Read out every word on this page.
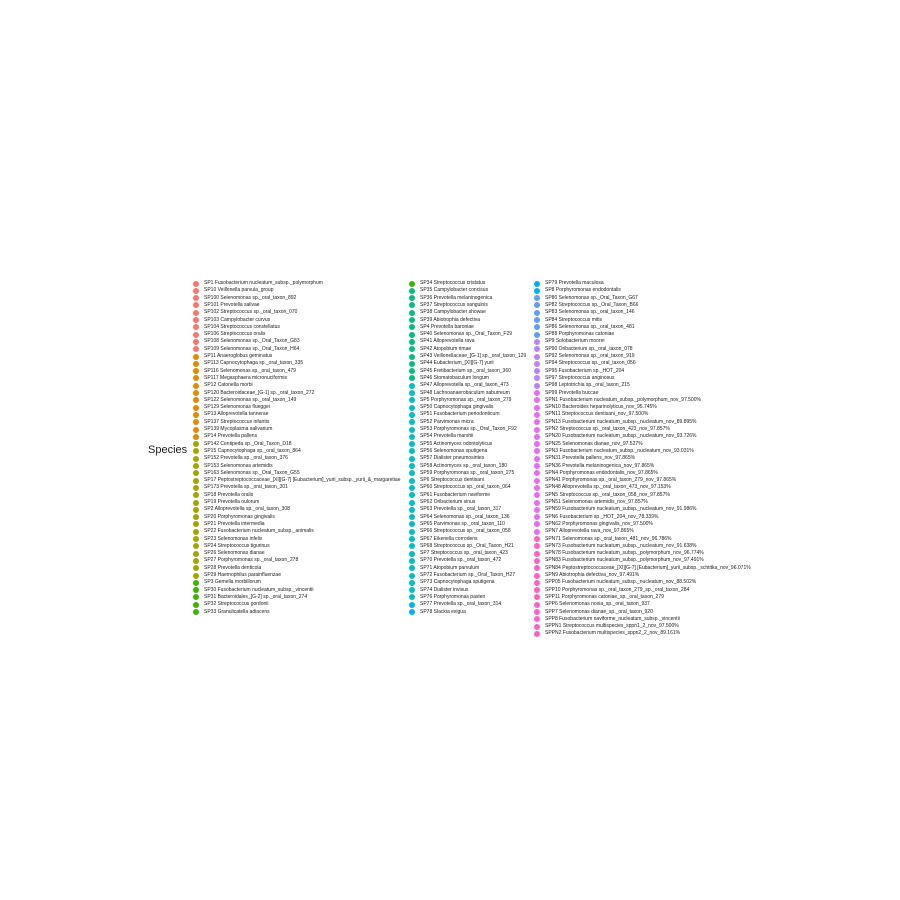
Species
SP1 Fusobacterium nucleatum_subsp._polymorphum
SP10 Veillonella parvula_group
SP100 Selenomonas sp._oral_taxon_892
SP101 Prevotella salivae
SP102 Streptococcus sp._oral_taxon_070
SP103 Campylobacter curvus
SP104 Streptococcus constellatus
SP106 Streptococcus oralis
SP108 Selenomonas sp._Oral_Taxon_G83
SP109 Selenomonas sp._Oral_Taxon_H64
SP11 Anaeroglobus geminatus
SP113 Capnocytophaga sp._oral_taxon_335
SP116 Selenomonas sp._oral_taxon_479
SP117 Megasphaera micronuciformis
SP12 Catonella morbi
SP120 Bacteroidaceae_[G-1] sp._oral_taxon_272
SP122 Selenomonas sp._oral_taxon_149
SP129 Selenomonas flueggei
SP13 Alloprevotella tannerae
SP137 Streptococcus infantis
SP139 Mycoplasma salivarium
SP14 Prevotella pallens
SP142 Centipeda sp._Oral_Taxon_D18
SP15 Capnocytophaga sp._oral_taxon_864
SP152 Prevotella sp._oral_taxon_376
SP153 Selenomonas artemidis
SP163 Selenomonas sp._Oral_Taxon_G55
SP17 Peptostreptococcaceae_[XI][G-7] [Eubacterium]_yurii_subsp._yurii_&_margaretiae
SP173 Prevotella sp._oral_taxon_301
SP18 Prevotella oralis
SP19 Prevotella oulorum
SP2 Alloprevotella sp._oral_taxon_308
SP20 Porphyromonas gingivalis
SP21 Prevotella intermedia
SP22 Fusobacterium nucleatum_subsp._animalis
SP23 Selenomonas infelix
SP24 Streptococcus tigurinus
SP26 Selenomonas dianae
SP27 Porphyromonas sp._oral_taxon_278
SP28 Prevotella denticola
SP29 Haemophilus parainfluenzae
SP3 Gemella morbillorum
SP30 Fusobacterium nucleatum_subsp._vincentii
SP31 Bacteroidales_[G-2] sp._oral_taxon_274
SP32 Streptococcus gordonii
SP33 Granulicatella adiacens
SP34 Streptococcus cristatus
SP35 Campylobacter concisus
SP36 Prevotella melaninogenica
SP37 Streptococcus sanguinis
SP38 Campylobacter showae
SP39 Abiotrophia defectiva
SP4 Prevotella baroniae
SP40 Selenomonas sp._Oral_Taxon_F29
SP41 Alloprevotella rava
SP42 Atopobium rimae
SP43 Veillonellaceae_[G-1] sp._oral_taxon_129
SP44 Eubacterium_[XI][G-7] yurii
SP45 Fretibacterium sp._oral_taxon_360
SP46 Stomatobaculum longum
SP47 Alloprevotella sp._oral_taxon_473
SP48 Lachnoanaerobaculum saburreum
SP5 Porphyromonas sp._oral_taxon_279
SP50 Capnocytophaga gingivalis
SP51 Fusobacterium periodonticum
SP52 Parvimonas micra
SP53 Porphyromonas sp._Oral_Taxon_F92
SP54 Prevotella marshii
SP55 Actinomyces odontolyticus
SP56 Selenomonas sputigena
SP57 Dialister pneumosintes
SP58 Actinomyces sp._oral_taxon_180
SP59 Porphyromonas sp._oral_taxon_275
SP6 Streptococcus dentisani
SP60 Streptococcus sp._oral_taxon_064
SP61 Fusobacterium naviforme
SP62 Oribacterium sinus
SP63 Prevotella sp._oral_taxon_317
SP64 Selenomonas sp._oral_taxon_136
SP65 Parvimonas sp._oral_taxon_110
SP66 Streptococcus sp._oral_taxon_058
SP67 Eikenella corrodens
SP68 Streptococcus sp._Oral_Taxon_H21
SP7 Streptococcus sp._oral_taxon_423
SP70 Prevotella sp._oral_taxon_472
SP71 Atopobium parvulum
SP72 Fusobacterium sp._Oral_Taxon_H27
SP73 Capnocytophaga sputigena
SP74 Dialister invisus
SP76 Porphyromonas pasteri
SP77 Prevotella sp._oral_taxon_314
SP78 Slackia exigua
SP79 Prevotella maculosa
SP8 Porphyromonas endodontalis
SP80 Selenomonas sp._Oral_Taxon_G67
SP82 Streptococcus sp._Oral_Taxon_B66
SP83 Selenomonas sp._oral_taxon_146
SP84 Streptococcus mitis
SP86 Selenomonas sp._oral_taxon_481
SP88 Porphyromonas catoniae
SP9 Solobacterium moorei
SP90 Oribacterium sp._oral_taxon_078
SP92 Selenomonas sp._oral_taxon_919
SP94 Streptococcus sp._oral_taxon_056
SP95 Fusobacterium sp._HOT_204
SP97 Streptococcus anginosus
SP98 Leptotrichia sp._oral_taxon_215
SP99 Prevotella buccae
SPN1 Fusobacterium nucleatum_subsp._polymorphum_nov_97.500%
SPN10 Bacteroides heparinolyticus_nov_95.745%
SPN11 Streptococcus dentisani_nov_97.500%
SPN13 Fusobacterium nucleatum_subsp._nucleatum_nov_89.895%
SPN2 Streptococcus sp._oral_taxon_423_nov_97.857%
SPN20 Fusobacterium nucleatum_subsp._nucleatum_nov_93.726%
SPN25 Selenomonas dianae_nov_97.527%
SPN3 Fusobacterium nucleatum_subsp._nucleatum_nov_93.031%
SPN31 Prevotella pallens_nov_97.865%
SPN36 Prevotella melaninogenica_nov_97.865%
SPN4 Porphyromonas endodontalis_nov_97.865%
SPN41 Porphyromonas sp._oral_taxon_279_nov_97.865%
SPN48 Alloprevotella sp._oral_taxon_473_nov_97.153%
SPN5 Streptococcus sp._oral_taxon_058_nov_97.857%
SPN51 Selenomonas artemidis_nov_97.857%
SPN59 Fusobacterium nucleatum_subsp._nucleatum_nov_91.986%
SPN6 Fusobacterium sp._HOT_204_nov_78.339%
SPN62 Porphyromonas gingivalis_nov_97.500%
SPN7 Alloprevotella rava_nov_97.865%
SPN71 Selenomonas sp._oral_taxon_481_nov_96.786%
SPN73 Fusobacterium nucleatum_subsp._nucleatum_nov_91.638%
SPN78 Fusobacterium nucleatum_subsp._polymorphum_nov_96.774%
SPN83 Fusobacterium nucleatum_subsp._polymorphum_nov_97.491%
SPN84 Peptostreptococcaceae_[XI][G-7] [Eubacterium]_yurii_subsp._schtitka_nov_96.071%
SPN9 Abiotrophia defectiva_nov_97.491%
SPP05 Fusobacterium nucleatum_subsp._nucleatum_nov_88.502%
SPP10 Porphyromonas sp._oral_taxon_279_sp._oral_taxon_284
SPP11 Porphyromonas catoniae_sp._oral_taxon_279
SPP6 Selenomonas noxia_sp._oral_taxon_937
SPP7 Selenomonas dianae_sp._oral_taxon_920
SPP8 Fusobacterium naviforme_nucleatum_subsp._vincentii
SPPN1 Streptococcus multispecies_sppn1_2_nov_97.500%
SPPN2 Fusobacterium multispecies_sppn2_2_nov_89.161%
